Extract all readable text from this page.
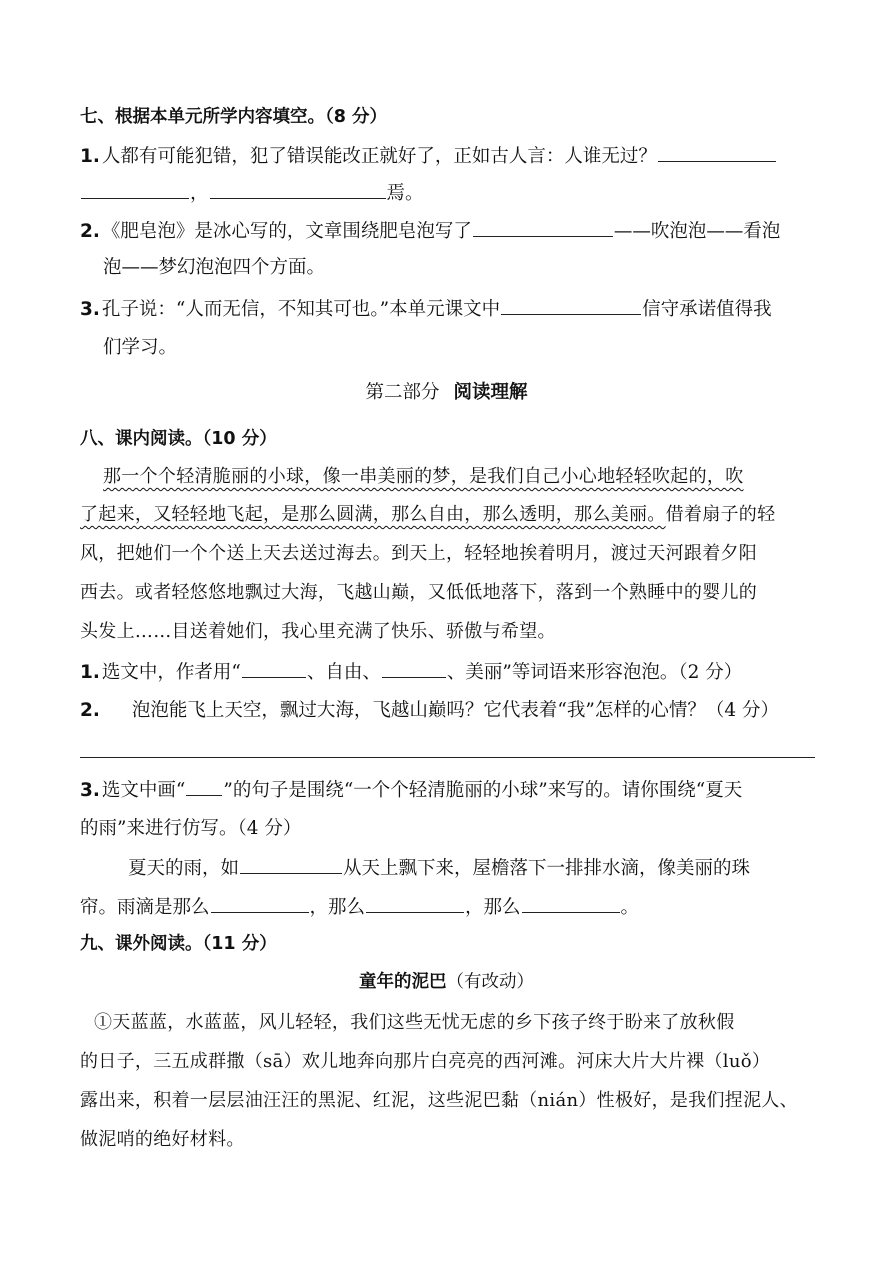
七、根据本单元所学内容填空。（8 分）
1. 人都有可能犯错，犯了错误能改正就好了，正如古人言：人谁无过？
，	焉。
2. 《肥皂泡》是冰心写的，文章围绕肥皂泡写了	——吹泡泡——看泡
泡——梦幻泡泡四个方面。
3. 孔子说：“人而无信，不知其可也。”本单元课文中	信守承诺值得我
们学习。
第二部分 阅读理解
八、课内阅读。（10 分）
那一个个轻清脆丽的小球，像一串美丽的梦，是我们自己小心地轻轻吹起的，吹
了起来，又轻轻地飞起，是那么圆满，那么自由，那么透明，那么美丽。借着扇子的轻
风，把她们一个个送上天去送过海去。到天上，轻轻地挨着明月，渡过天河跟着夕阳
西去。或者轻悠悠地飘过大海，飞越山巅，又低低地落下，落到一个熟睡中的婴儿的
头发上……目送着她们，我心里充满了快乐、骄傲与希望。
1. 选文中，作者用“	、自由、	、美丽”等词语来形容泡泡。（2 分）
2. 泡泡能飞上天空，飘过大海，飞越山巅吗？它代表着“我”怎样的心情？（4 分）
3. 选文中画“ ”的句子是围绕“一个个轻清脆丽的小球”来写的。请你围绕“夏天
的雨”来进行仿写。（4 分）
夏天的雨，如	从天上飘下来，屋檐落下一排排水滴，像美丽的珠
帘。雨滴是那么	，那么	，那么	。
九、课外阅读。（11 分）
童年的泥巴（有改动）
①天蓝蓝，水蓝蓝，风儿轻轻，我们这些无忧无虑的乡下孩子终于盼来了放秋假
的日子，三五成群撒（sā）欢儿地奔向那片白亮亮的西河滩。河床大片大片裸（luǒ）
露出来，积着一层层油汪汪的黑泥、红泥，这些泥巴黏（nián）性极好，是我们捏泥人、
做泥哨的绝好材料。
